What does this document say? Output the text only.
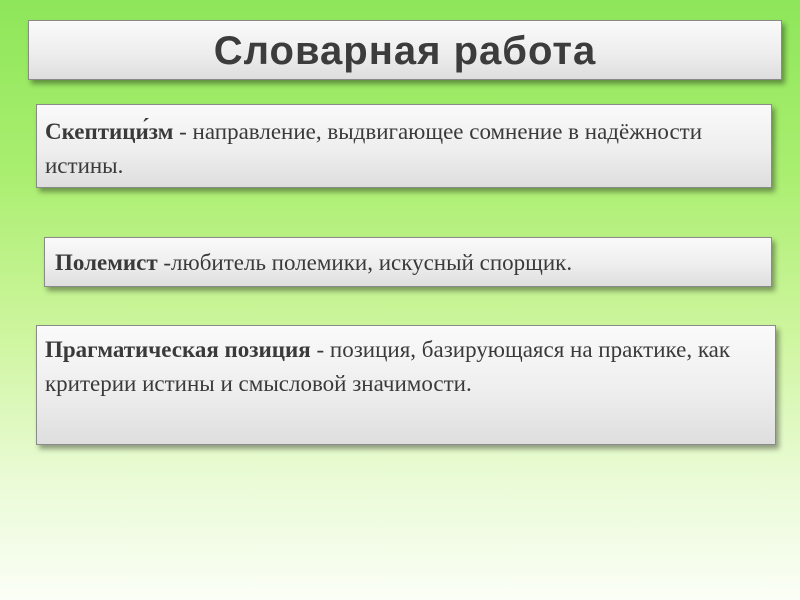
Словарная работа
Скептици́зм - направление, выдвигающее сомнение в надёжности истины.
Полемист -любитель полемики, искусный спорщик.
Прагматическая позиция - позиция, базирующаяся на практике, как критерии истины и смысловой значимости.
